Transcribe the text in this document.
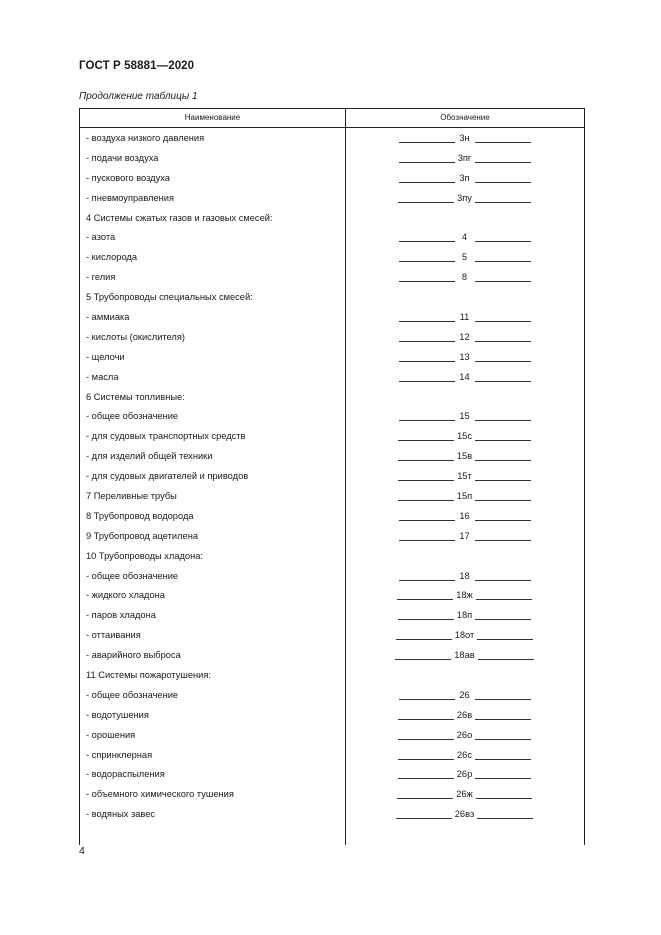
ГОСТ Р 58881—2020
Продолжение таблицы 1
Наименование	Обозначение
- воздуха низкого давления	3н
- подачи воздуха	3пг
- пускового воздуха	3п
- пневмоуправления	3пу
4 Системы сжатых газов и газовых смесей:
- азота	4
- кислорода	5
- гелия	8
5 Трубопроводы специальных смесей:
- аммиака	11
- кислоты (окислителя)	12
- щелочи	13
- масла	14
6 Системы топливные:
- общее обозначение	15
- для судовых транспортных средств	15с
- для изделий общей техники	15в
- для судовых двигателей и приводов	15т
7 Переливные трубы	15п
8 Трубопровод водорода	16
9 Трубопровод ацетилена	17
10 Трубопроводы хладона:
- общее обозначение	18
- жидкого хладона	18ж
- паров хладона	18п
- оттаивания	18от
- аварийного выброса	18ав
11 Системы пожаротушения:
- общее обозначение	26
- водотушения	26в
- орошения	26о
- спринклерная	26с
- водораспыления	26р
- объемного химического тушения	26ж
- водяных завес	26вз
4
